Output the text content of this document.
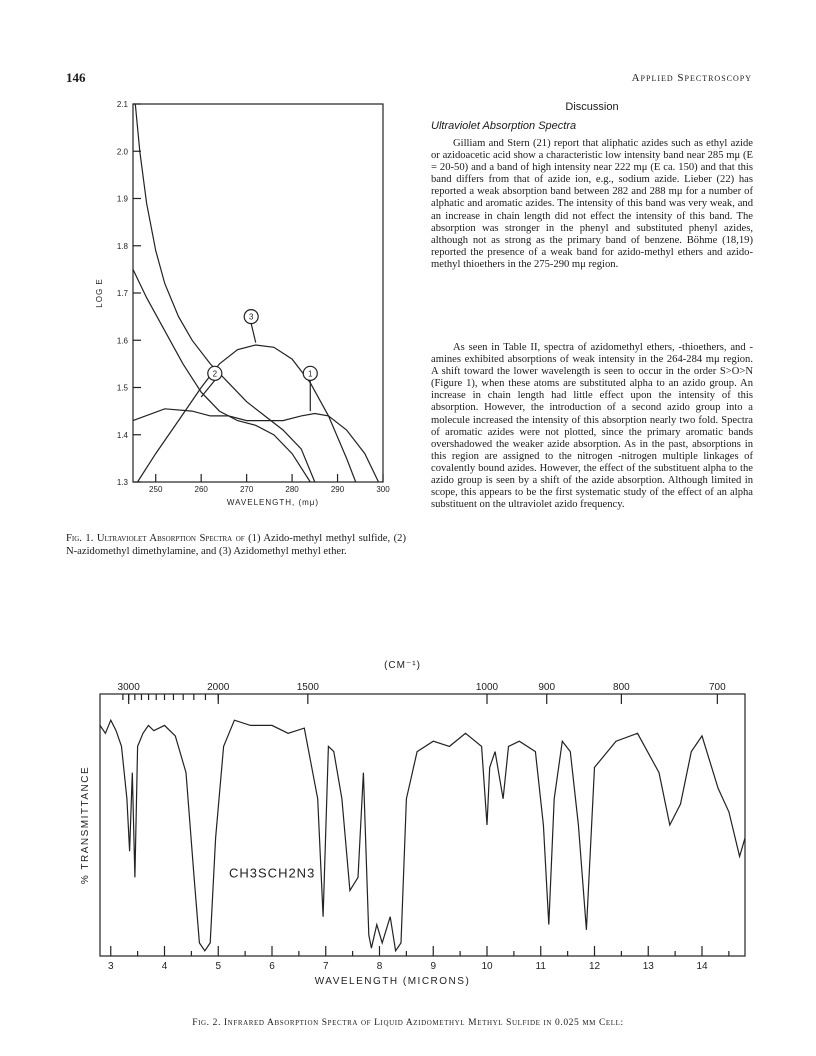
146	Applied Spectroscopy
Discussion
Ultraviolet Absorption Spectra
Gilliam and Stern (21) report that aliphatic azides such as ethyl azide or azidoacetic acid show a characteristic low intensity band near 285 mμ (E = 20-50) and a band of high intensity near 222 mμ (E ca. 150) and that this band differs from that of azide ion, e.g., sodium azide. Lieber (22) has reported a weak absorption band between 282 and 288 mμ for a number of alphatic and aromatic azides. The intensity of this band was very weak, and an increase in chain length did not effect the intensity of this band. The absorption was stronger in the phenyl and substituted phenyl azides, although not as strong as the primary band of benzene. Böhme (18,19) reported the presence of a weak band for azido-methyl ethers and azido-methyl thioethers in the 275-290 mμ region.
As seen in Table II, spectra of azidomethyl ethers, -thioethers, and -amines exhibited absorptions of weak intensity in the 264-284 mμ region. A shift toward the lower wavelength is seen to occur in the order S>O>N (Figure 1), when these atoms are substituted alpha to an azido group. An increase in chain length had little effect upon the intensity of this absorption. However, the introduction of a second azido group into a molecule increased the intensity of this absorption nearly two fold. Spectra of aromatic azides were not plotted, since the primary aromatic bands overshadowed the weaker azide absorption. As in the past, absorptions in this region are assigned to the nitrogen -nitrogen multiple linkages of covalently bound azides. However, the effect of the substituent alpha to the azido group is seen by a shift of the azide absorption. Although limited in scope, this appears to be the first systematic study of the effect of an alpha substituent on the ultraviolet azido frequency.
1.3
1.4
1.5
1.6
1.7
1.8
1.9
2.0
2.1
250	260	270	280	290	300
WAVELENGTH, (mμ)
LOG E
1
2
3
Fig. 1. Ultraviolet Absorption Spectra of (1) Azido-methyl methyl sulfide, (2) N-azidomethyl dimethylamine, and (3) Azidomethyl methyl ether.
(CM⁻¹)
3000	2000	1500	1000	900	800	700
3	4	5	6	7	8	9	10	11	12	13	14
WAVELENGTH (MICRONS)
% TRANSMITTANCE	CH3SCH2N3
Fig. 2. Infrared Absorption Spectra of Liquid Azidomethyl Methyl Sulfide in 0.025 mm Cell:
